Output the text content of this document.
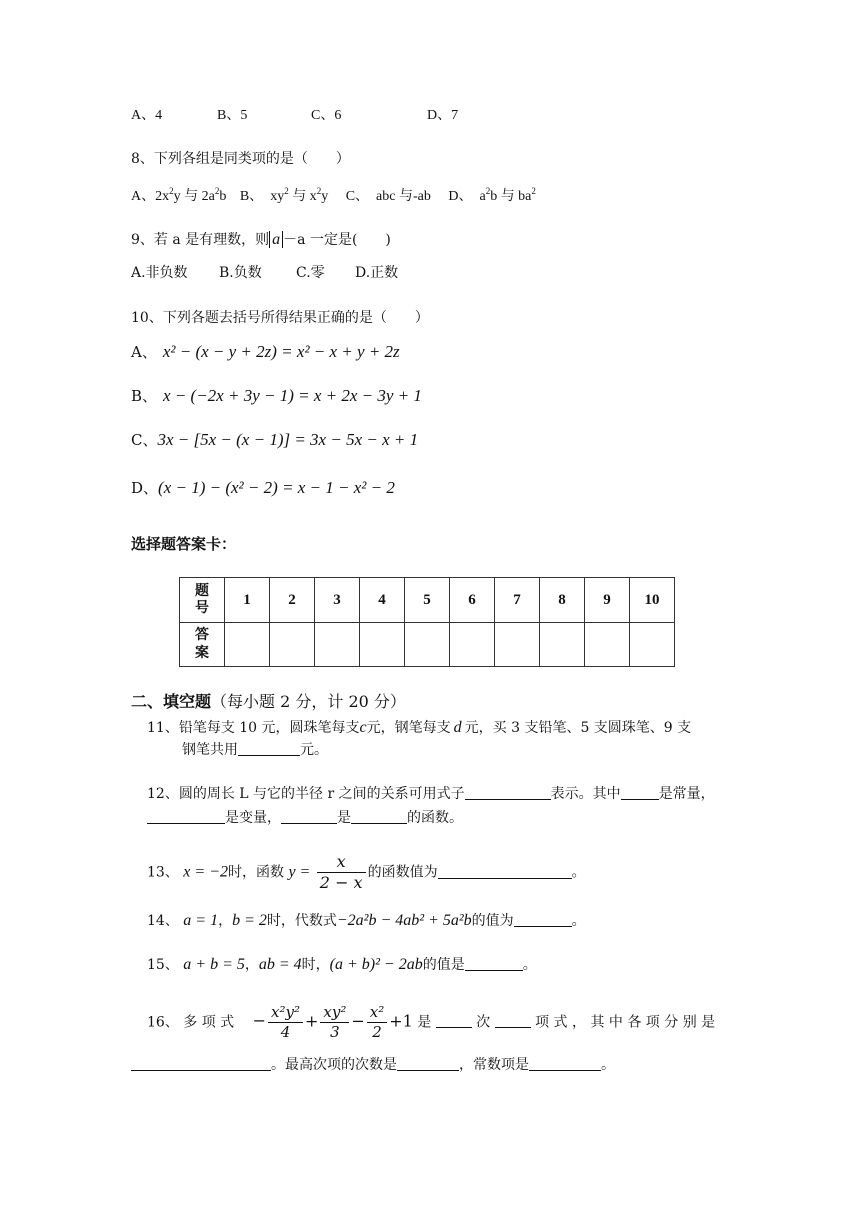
A、4	B、5	C、6	D、7
8、下列各组是同类项的是（　　）
A、$2x^2y$ 与 $2a^2b$ B、 $xy^2$ 与 $x^2y$ C、 abc 与-ab D、 $a^2b$ 与 $ba^2$
9、若 a 是有理数，则 a －a 一定是(　　)
A.非负数 B.负数 C.零 D.正数
10、下列各题去括号所得结果正确的是（　　）
A、 x² − (x − y + 2z) = x² − x + y + 2z
B、 x − (−2x + 3y − 1) = x + 2x − 3y + 1
C、3x − [5x − (x − 1)] = 3x − 5x − x + 1
D、(x − 1) − (x² − 2) = x − 1 − x² − 2
选择题答案卡：
题号	1	2	3	4	5	6	7	8	9	10
答案										
二、填空题（每小题 2 分，计 20 分）
11、铅笔每支 10 元，圆珠笔每支c元，钢笔每支 d 元，买 3 支铅笔、5 支圆珠笔、9 支
钢笔共用	元。
12、圆的周长 L 与它的半径 r 之间的关系可用式子	表示。其中	是常量，
是变量，	是	的函数。
13、 x = −2时，函数 $y = \frac{x}{2 - x}$ 的函数值为	。
14、 a = 1，b = 2时，代数式−2a²b − 4ab² + 5a²b的值为	。
15、 a + b = 5，ab = 4时，(a + b)² − 2ab的值是	。
16、 多 项 式 − $\frac{\text{x²y²}}{4} + \frac{\text{xy²}}{3} - \frac{\text{x²}}{2} +1$ 是	次	项 式 ， 其 中 各 项 分 别 是
。最高次项的次数是	，常数项是	。
